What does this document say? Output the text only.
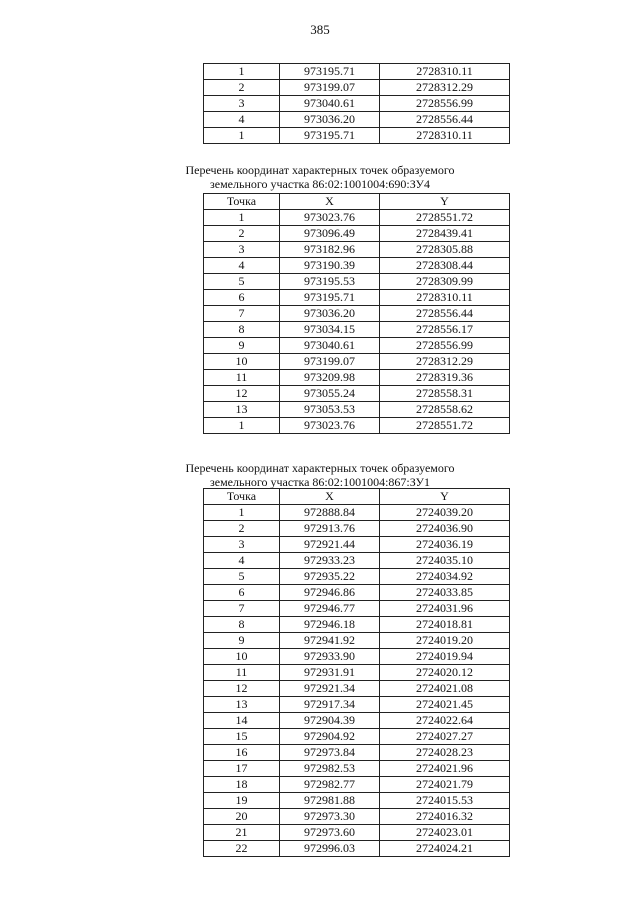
385
1	973195.71	2728310.11
2	973199.07	2728312.29
3	973040.61	2728556.99
4	973036.20	2728556.44
1	973195.71	2728310.11
Перечень координат характерных точек образуемого
земельного участка 86:02:1001004:690:ЗУ4
Точка	X	Y
1	973023.76	2728551.72
2	973096.49	2728439.41
3	973182.96	2728305.88
4	973190.39	2728308.44
5	973195.53	2728309.99
6	973195.71	2728310.11
7	973036.20	2728556.44
8	973034.15	2728556.17
9	973040.61	2728556.99
10	973199.07	2728312.29
11	973209.98	2728319.36
12	973055.24	2728558.31
13	973053.53	2728558.62
1	973023.76	2728551.72
Перечень координат характерных точек образуемого
земельного участка 86:02:1001004:867:ЗУ1
Точка	X	Y
1	972888.84	2724039.20
2	972913.76	2724036.90
3	972921.44	2724036.19
4	972933.23	2724035.10
5	972935.22	2724034.92
6	972946.86	2724033.85
7	972946.77	2724031.96
8	972946.18	2724018.81
9	972941.92	2724019.20
10	972933.90	2724019.94
11	972931.91	2724020.12
12	972921.34	2724021.08
13	972917.34	2724021.45
14	972904.39	2724022.64
15	972904.92	2724027.27
16	972973.84	2724028.23
17	972982.53	2724021.96
18	972982.77	2724021.79
19	972981.88	2724015.53
20	972973.30	2724016.32
21	972973.60	2724023.01
22	972996.03	2724024.21
